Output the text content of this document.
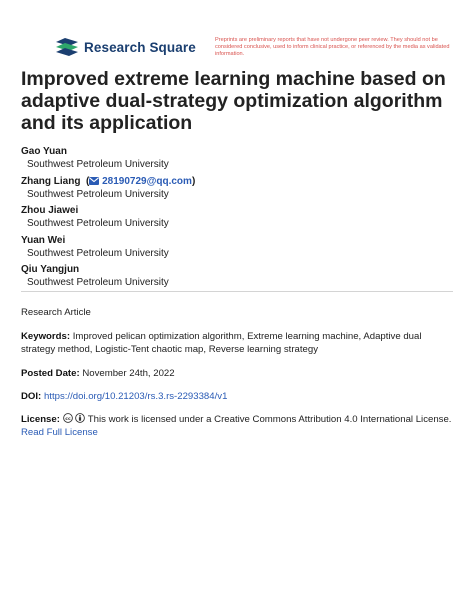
Research Square	Preprints are preliminary reports that have not undergone peer review. They should not be considered conclusive, used to inform clinical practice, or referenced by the media as validated information.
Improved extreme learning machine based on adaptive dual-strategy optimization algorithm and its application
Gao Yuan
Southwest Petroleum University
Zhang Liang  ( 28190729@qq.com)
Southwest Petroleum University
Zhou Jiawei
Southwest Petroleum University
Yuan Wei
Southwest Petroleum University
Qiu Yangjun
Southwest Petroleum University
Research Article
Keywords: Improved pelican optimization algorithm, Extreme learning machine, Adaptive dual strategy method, Logistic-Tent chaotic map, Reverse learning strategy
Posted Date: November 24th, 2022
DOI: https://doi.org/10.21203/rs.3.rs-2293384/v1
License: cc This work is licensed under a Creative Commons Attribution 4.0 International License.
Read Full License
